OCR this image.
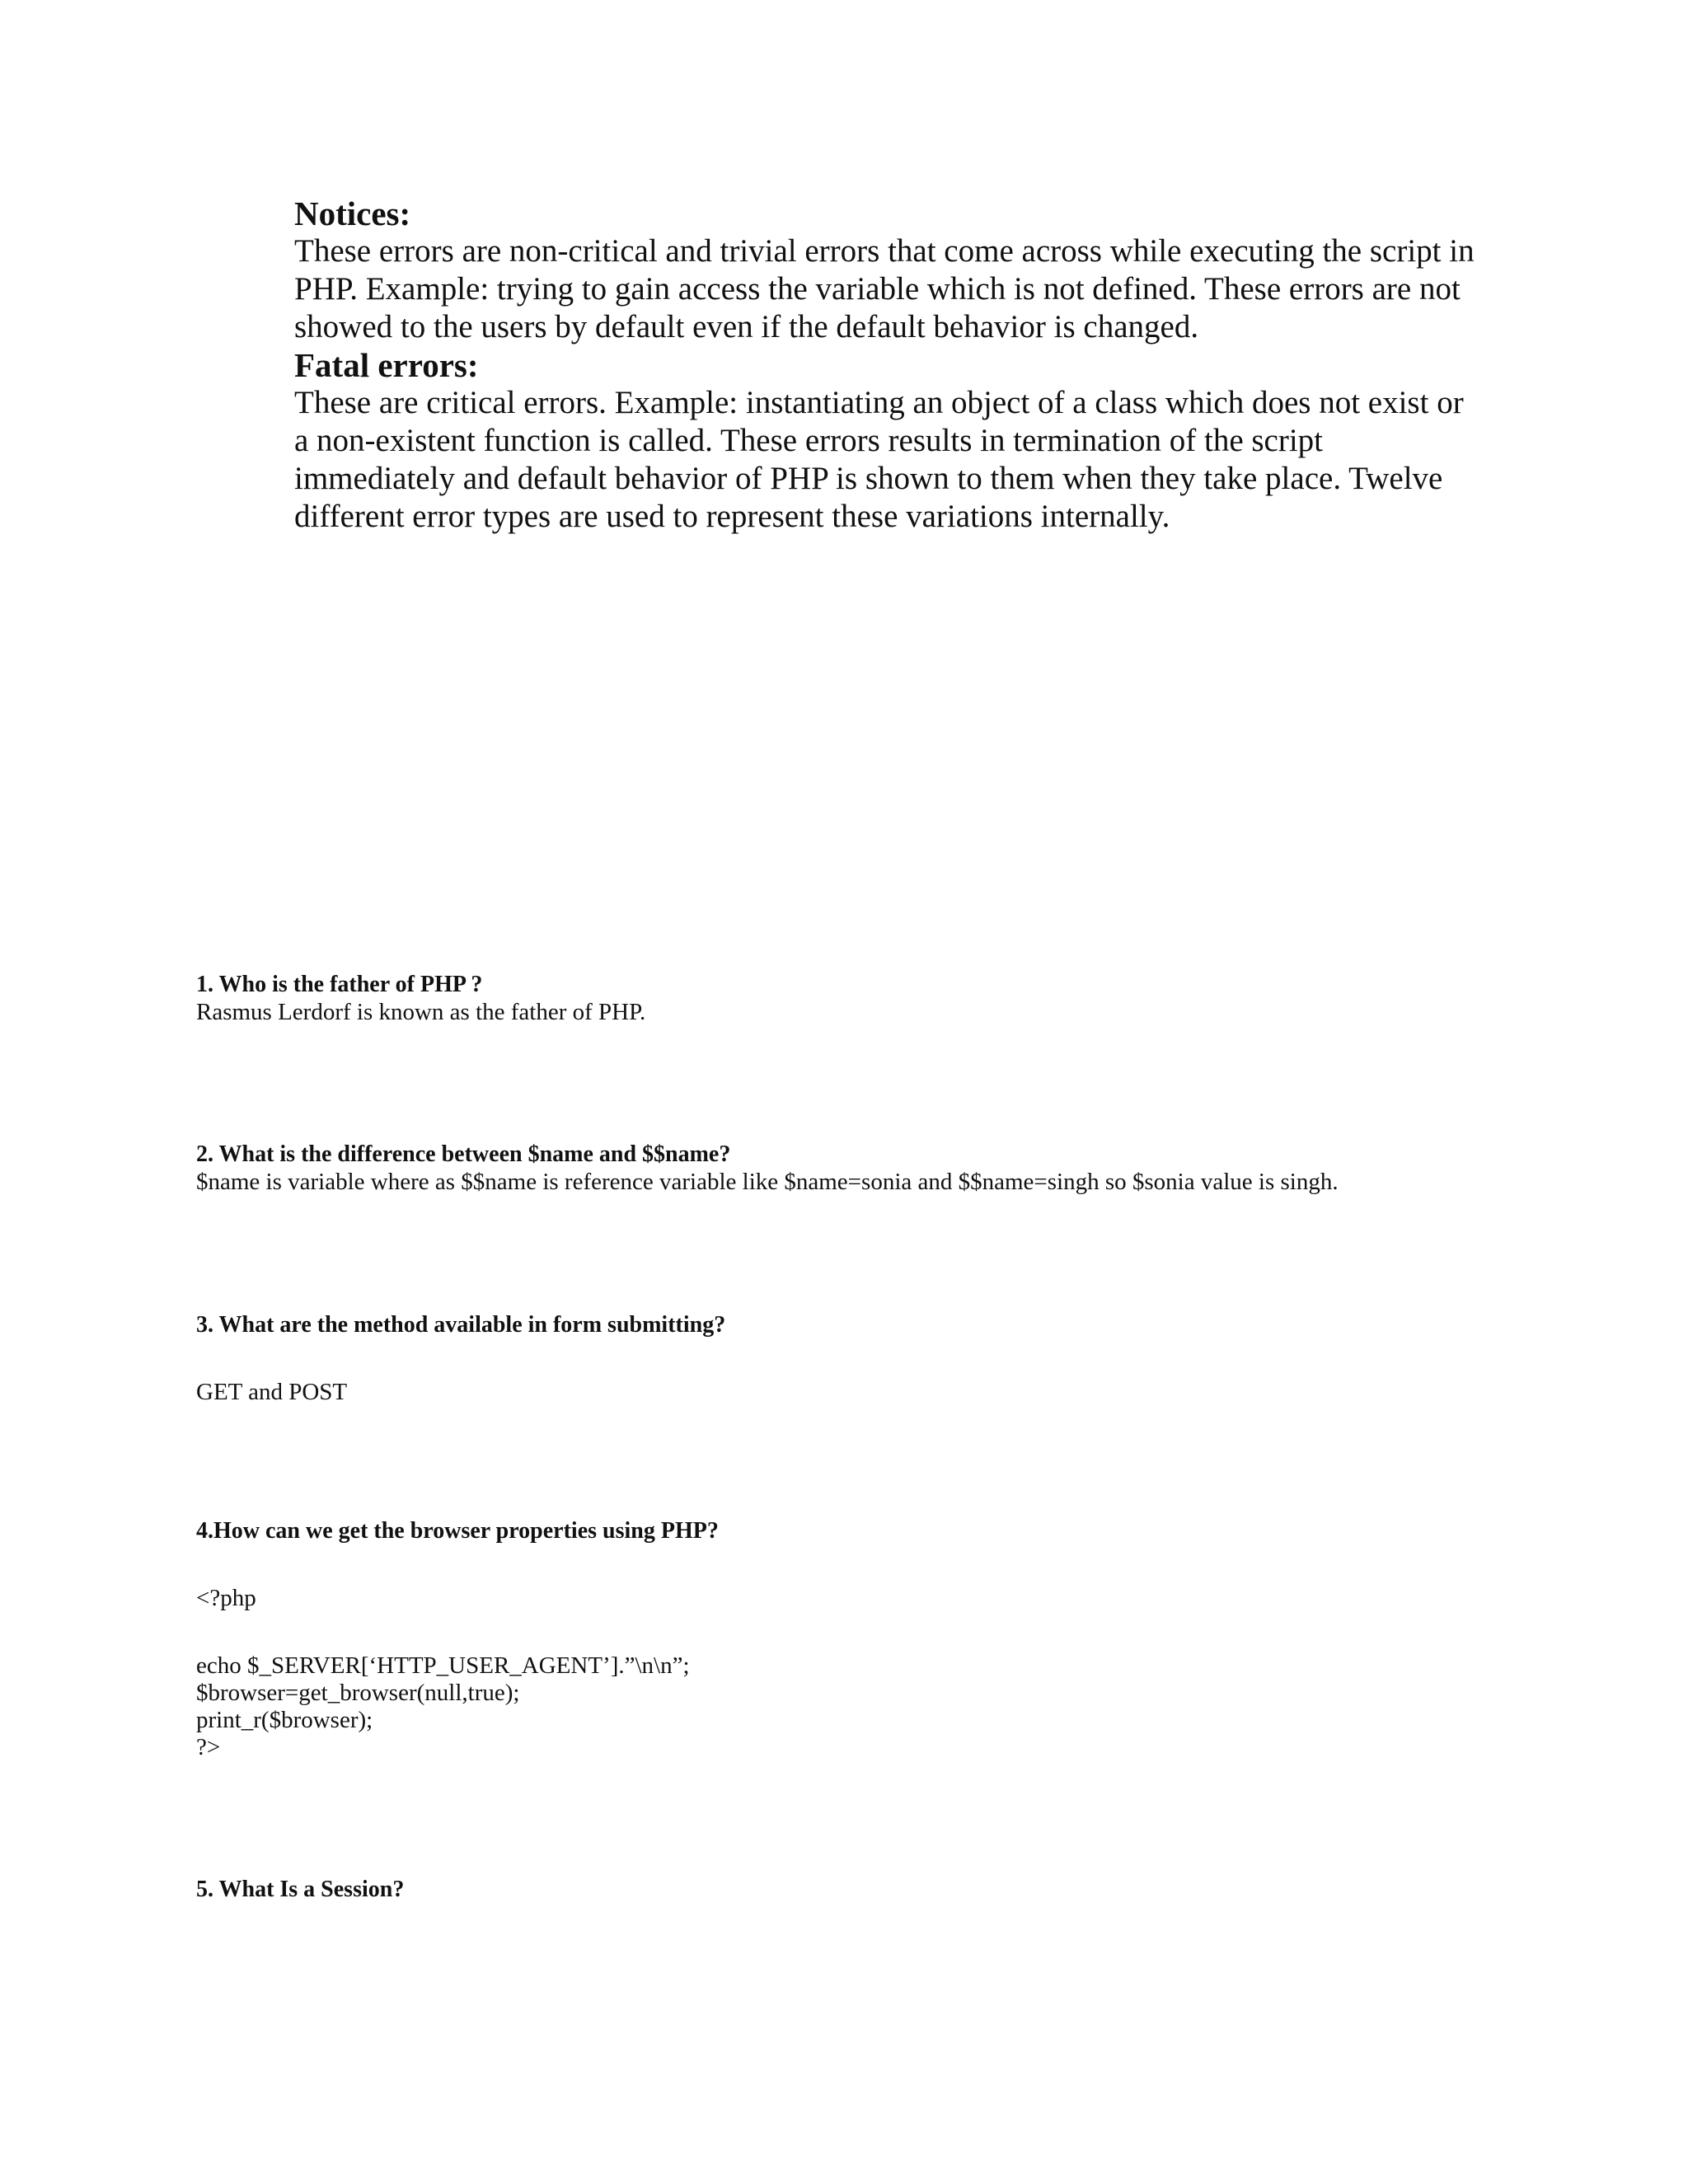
Notices:

These errors are non-critical and trivial errors that come across while executing the script in PHP. Example: trying to gain access the variable which is not defined. These errors are not showed to the users by default even if the default behavior is changed.

Fatal errors:

These are critical errors. Example: instantiating an object of a class which does not exist or a non-existent function is called. These errors results in termination of the script immediately and default behavior of PHP is shown to them when they take place. Twelve different error types are used to represent these variations internally.

1. Who is the father of PHP ?

Rasmus Lerdorf is known as the father of PHP.

2. What is the difference between $name and $$name?

$name is variable where as $$name is reference variable like $name=sonia and $$name=singh so $sonia value is singh.

3. What are the method available in form submitting?

GET and POST

4.How can we get the browser properties using PHP?

<?php

echo $_SERVER[‘HTTP_USER_AGENT’].”\n\n”;

$browser=get_browser(null,true);

print_r($browser);

?>

5. What Is a Session?
